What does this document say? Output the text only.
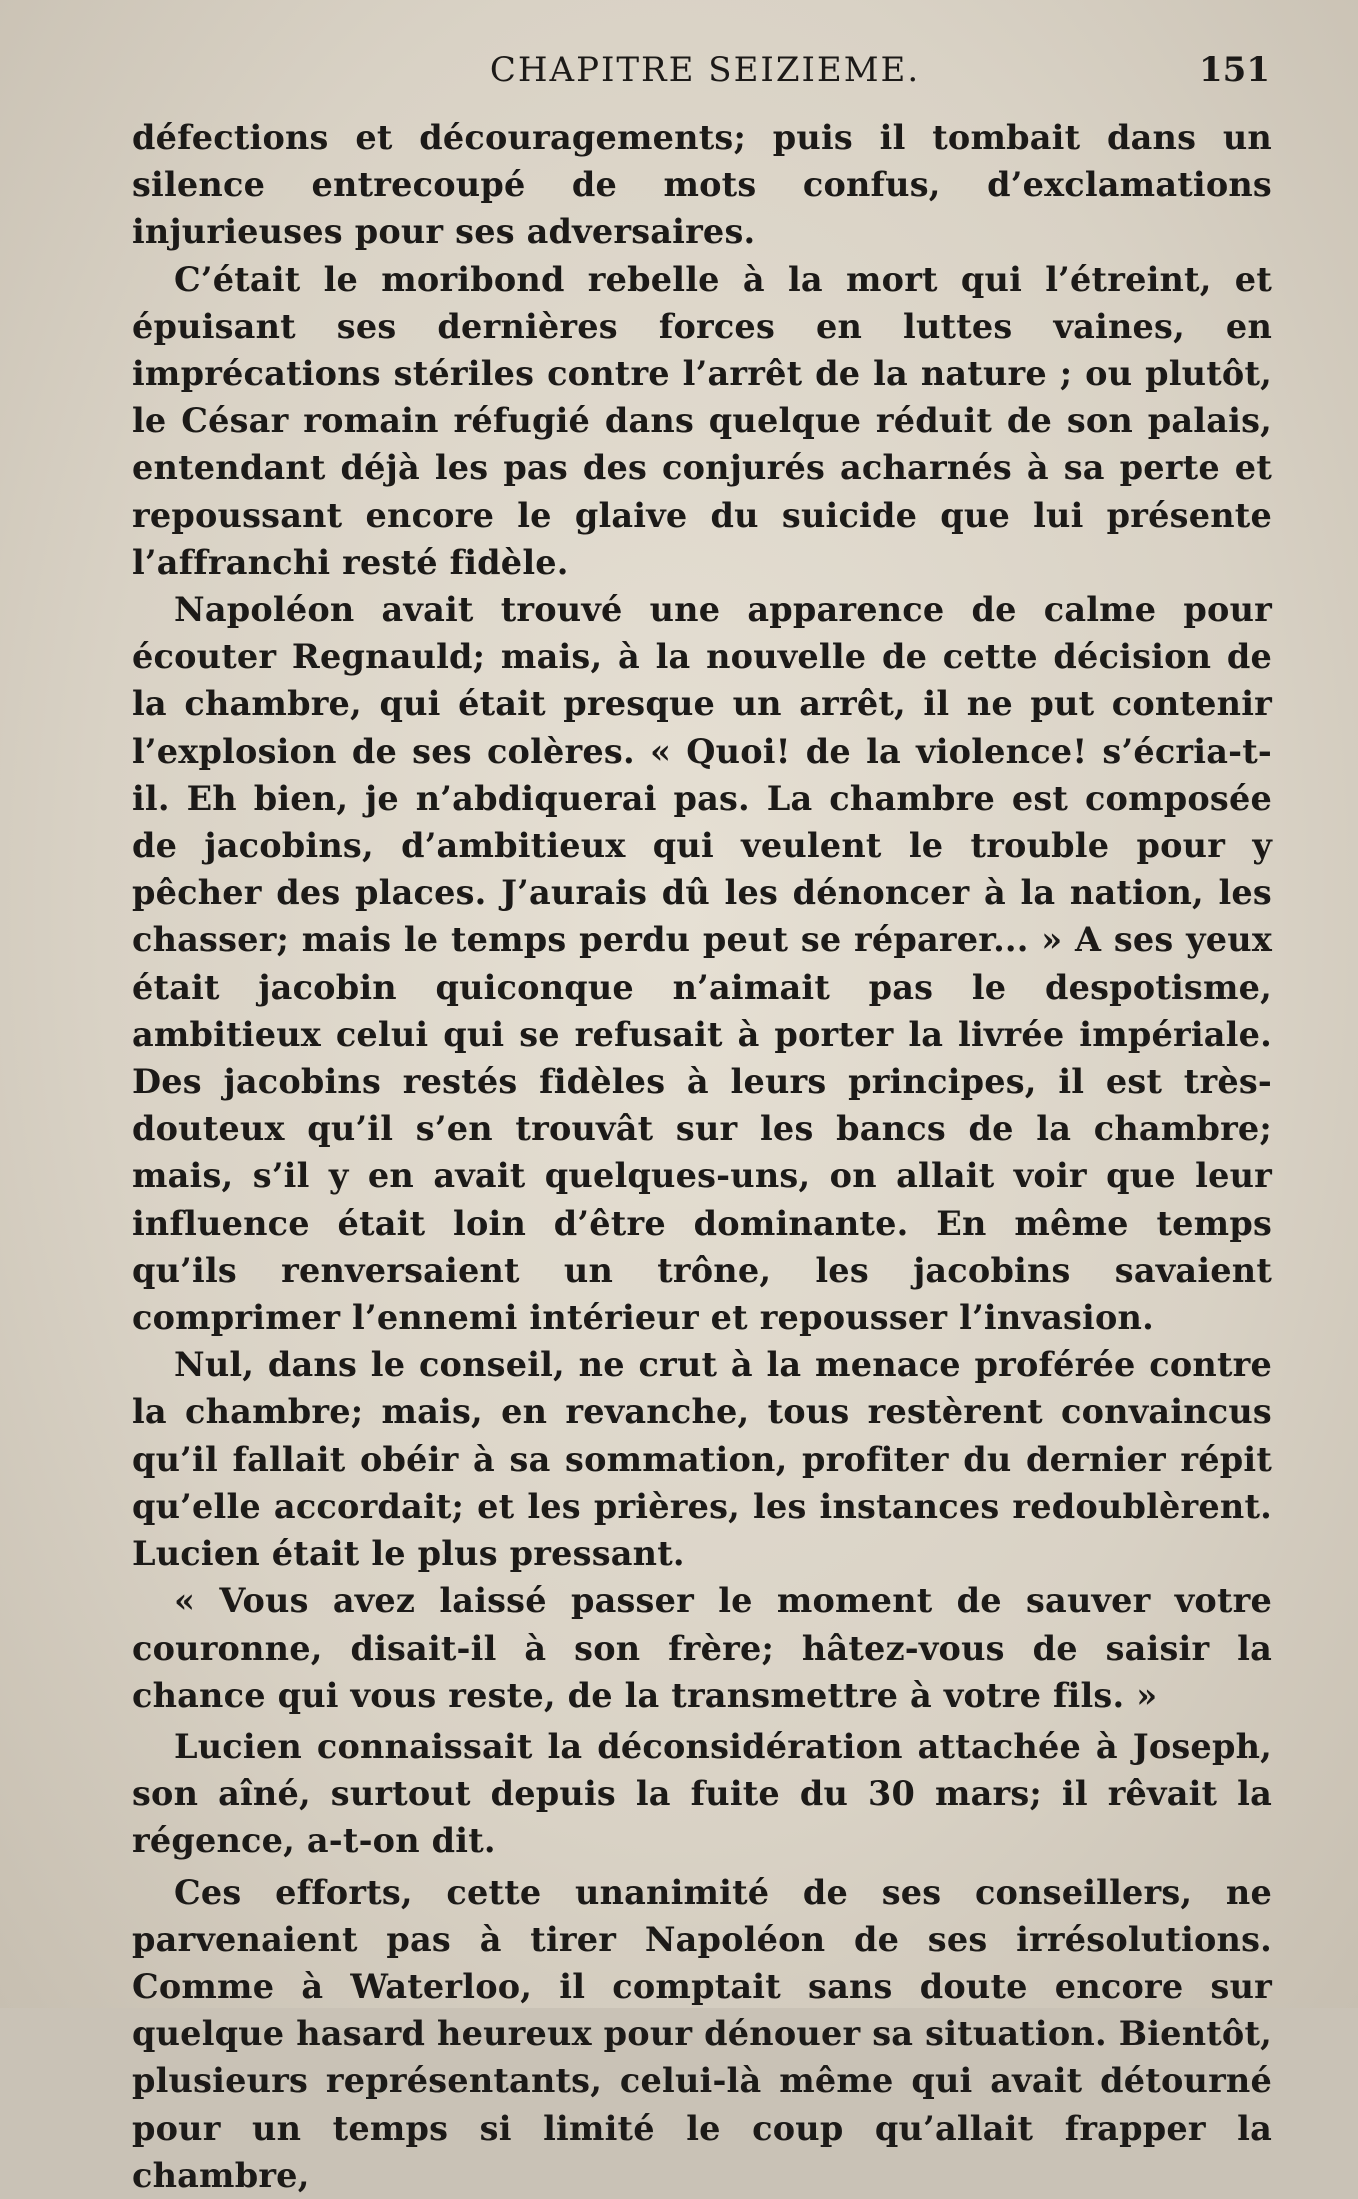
CHAPITRE SEIZIEME.	151

défections et découragements; puis il tombait dans un silence entrecoupé de mots confus, d’exclamations injurieuses pour ses adversaires.

C’était le moribond rebelle à la mort qui l’étreint, et épuisant ses dernières forces en luttes vaines, en imprécations stériles contre l’arrêt de la nature ; ou plutôt, le César romain réfugié dans quelque réduit de son palais, entendant déjà les pas des conjurés acharnés à sa perte et repoussant encore le glaive du suicide que lui présente l’affranchi resté fidèle.

Napoléon avait trouvé une apparence de calme pour écouter Regnauld; mais, à la nouvelle de cette décision de la chambre, qui était presque un arrêt, il ne put contenir l’explosion de ses colères. « Quoi! de la violence! s’écria-t-il. Eh bien, je n’abdiquerai pas. La chambre est composée de jacobins, d’ambitieux qui veulent le trouble pour y pêcher des places. J’aurais dû les dénoncer à la nation, les chasser; mais le temps perdu peut se réparer... » A ses yeux était jacobin quiconque n’aimait pas le despotisme, ambitieux celui qui se refusait à porter la livrée impériale. Des jacobins restés fidèles à leurs principes, il est très-douteux qu’il s’en trouvât sur les bancs de la chambre; mais, s’il y en avait quelques-uns, on allait voir que leur influence était loin d’être dominante. En même temps qu’ils renversaient un trône, les jacobins savaient comprimer l’ennemi intérieur et repousser l’invasion.

Nul, dans le conseil, ne crut à la menace proférée contre la chambre; mais, en revanche, tous restèrent convaincus qu’il fallait obéir à sa sommation, profiter du dernier répit qu’elle accordait; et les prières, les instances redoublèrent. Lucien était le plus pressant.

« Vous avez laissé passer le moment de sauver votre couronne, disait-il à son frère; hâtez-vous de saisir la chance qui vous reste, de la transmettre à votre fils. »

Lucien connaissait la déconsidération attachée à Joseph, son aîné, surtout depuis la fuite du 30 mars; il rêvait la régence, a-t-on dit.

Ces efforts, cette unanimité de ses conseillers, ne parvenaient pas à tirer Napoléon de ses irrésolutions. Comme à Waterloo, il comptait sans doute encore sur quelque hasard heureux pour dénouer sa situation. Bientôt, plusieurs représentants, celui-là même qui avait détourné pour un temps si limité le coup qu’allait frapper la chambre,
